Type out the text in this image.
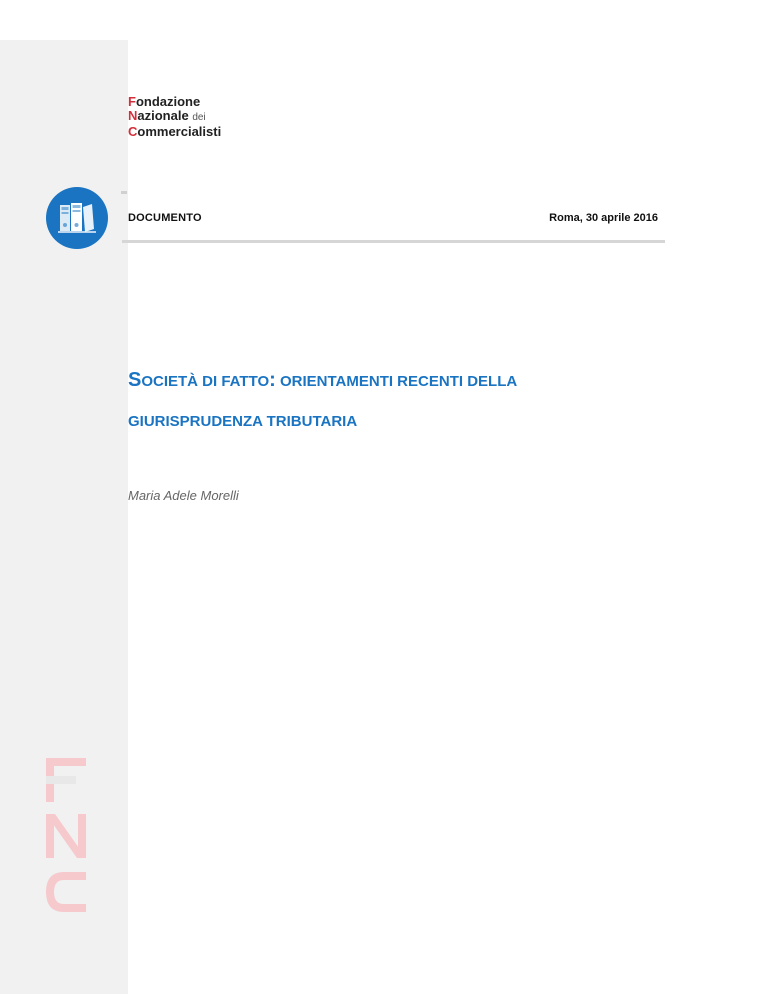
Fondazione
Nazionale dei
Commercialisti
DOCUMENTO	Roma, 30 aprile 2016
SOCIETÀ DI FATTO: ORIENTAMENTI RECENTI DELLA
GIURISPRUDENZA TRIBUTARIA
Maria Adele Morelli
